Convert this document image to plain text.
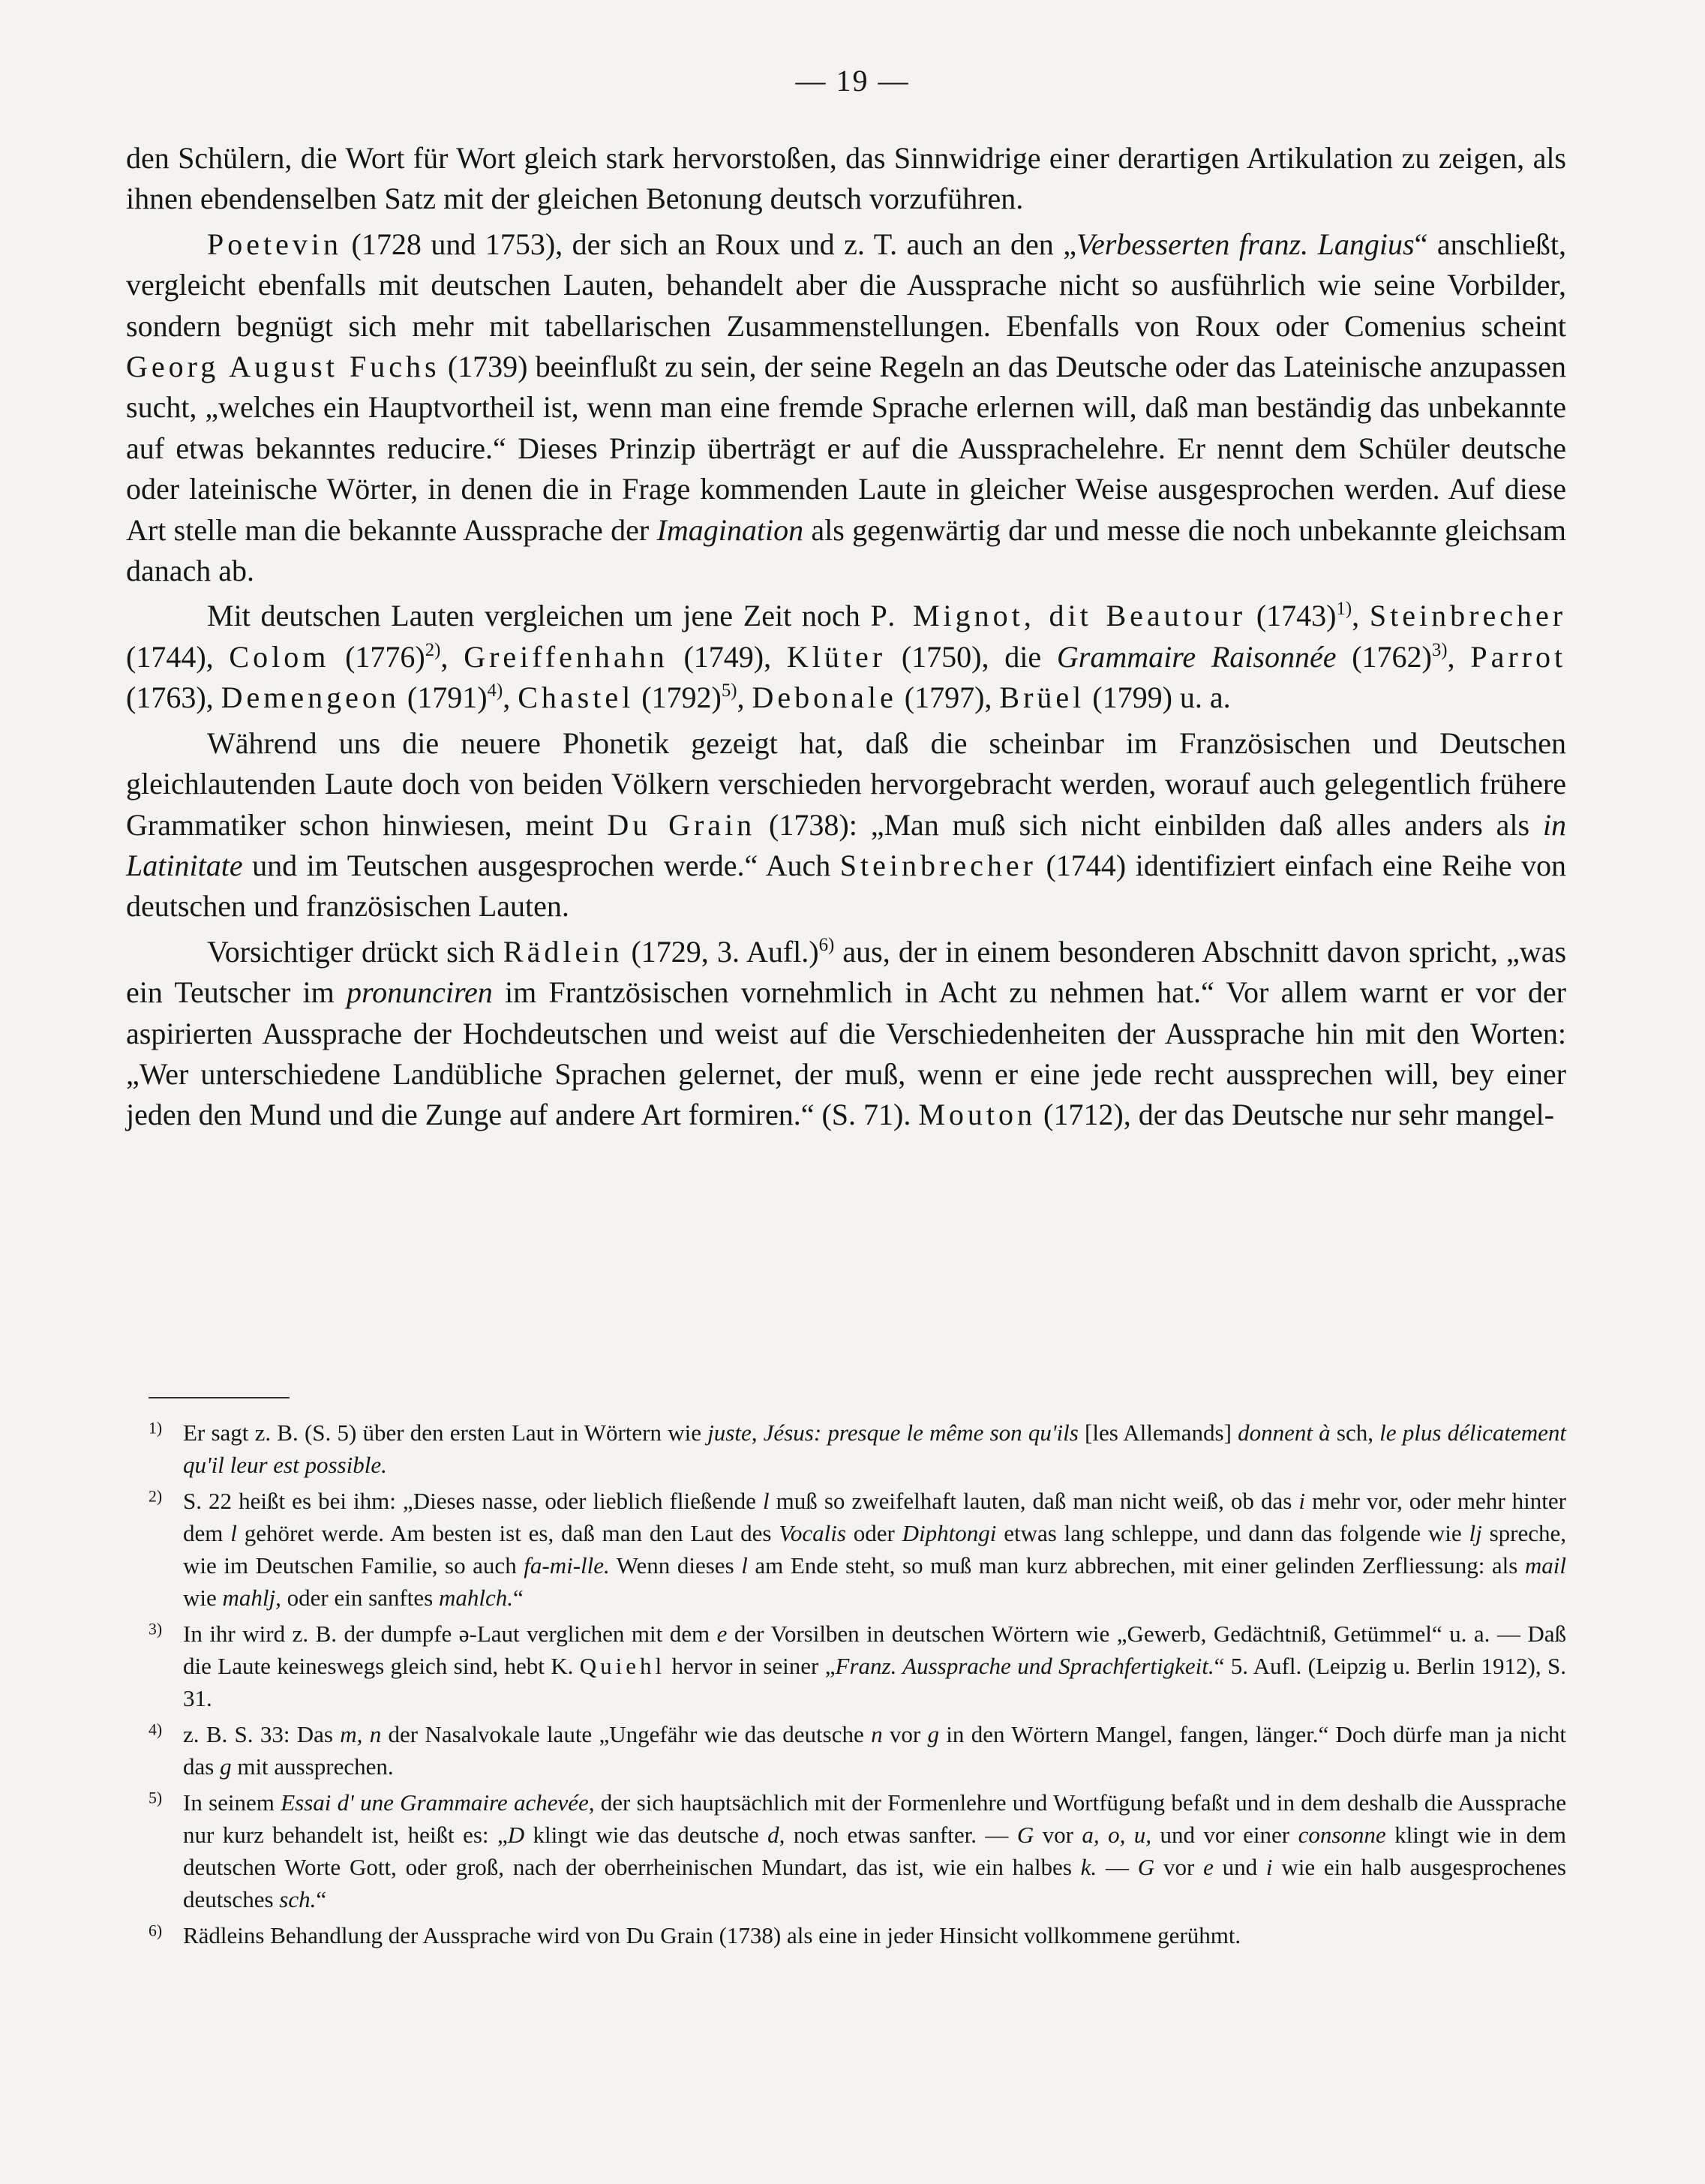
— 19 —

den Schülern, die Wort für Wort gleich stark hervorstoßen, das Sinnwidrige einer derartigen Artikulation zu zeigen, als ihnen ebendenselben Satz mit der gleichen Betonung deutsch vorzuführen.

Poetevin (1728 und 1753), der sich an Roux und z. T. auch an den „Verbesserten franz. Langius“ anschließt, vergleicht ebenfalls mit deutschen Lauten, behandelt aber die Aussprache nicht so ausführlich wie seine Vorbilder, sondern begnügt sich mehr mit tabellarischen Zusammenstellungen. Ebenfalls von Roux oder Comenius scheint Georg August Fuchs (1739) beeinflußt zu sein, der seine Regeln an das Deutsche oder das Lateinische anzupassen sucht, „welches ein Hauptvortheil ist, wenn man eine fremde Sprache erlernen will, daß man beständig das unbekannte auf etwas bekanntes reducire.“ Dieses Prinzip überträgt er auf die Aussprachelehre. Er nennt dem Schüler deutsche oder lateinische Wörter, in denen die in Frage kommenden Laute in gleicher Weise ausgesprochen werden. Auf diese Art stelle man die bekannte Aussprache der Imagination als gegenwärtig dar und messe die noch unbekannte gleichsam danach ab.

Mit deutschen Lauten vergleichen um jene Zeit noch P. Mignot, dit Beautour $(1743)^{1)}$, Steinbrecher (1744), Colom $(1776)^{2)}$, Greiffenhahn (1749), Klüter (1750), die Grammaire Raisonnée $(1762)^{3)}$, Parrot (1763), Demengeon $(1791)^{4)}$, Chastel $(1792)^{5)}$, Debonale (1797), Brüel (1799) u. a.

Während uns die neuere Phonetik gezeigt hat, daß die scheinbar im Französischen und Deutschen gleichlautenden Laute doch von beiden Völkern verschieden hervorgebracht werden, worauf auch gelegentlich frühere Grammatiker schon hinwiesen, meint Du Grain (1738): „Man muß sich nicht einbilden daß alles anders als in Latinitate und im Teutschen ausgesprochen werde.“ Auch Steinbrecher (1744) identifiziert einfach eine Reihe von deutschen und französischen Lauten.

Vorsichtiger drückt sich Rädlein (1729, 3. Aufl.)$^{6)}$ aus, der in einem besonderen Abschnitt davon spricht, „was ein Teutscher im pronunciren im Frantzösischen vornehmlich in Acht zu nehmen hat.“ Vor allem warnt er vor der aspirierten Aussprache der Hochdeutschen und weist auf die Verschiedenheiten der Aussprache hin mit den Worten: „Wer unterschiedene Landübliche Sprachen gelernet, der muß, wenn er eine jede recht aussprechen will, bey einer jeden den Mund und die Zunge auf andere Art formiren.“ (S. 71). Mouton (1712), der das Deutsche nur sehr mangel-

$^{1)}$ Er sagt z. B. (S. 5) über den ersten Laut in Wörtern wie juste, Jésus: presque le même son qu'ils [les Allemands] donnent à sch, le plus délicatement qu'il leur est possible.
$^{2)}$ S. 22 heißt es bei ihm: „Dieses nasse, oder lieblich fließende l muß so zweifelhaft lauten, daß man nicht weiß, ob das i mehr vor, oder mehr hinter dem l gehöret werde. Am besten ist es, daß man den Laut des Vocalis oder Diphtongi etwas lang schleppe, und dann das folgende wie lj spreche, wie im Deutschen Familie, so auch fa-mi-lle. Wenn dieses l am Ende steht, so muß man kurz abbrechen, mit einer gelinden Zerfliessung: als mail wie mahlj, oder ein sanftes mahlch.“
$^{3)}$ In ihr wird z. B. der dumpfe ə-Laut verglichen mit dem e der Vorsilben in deutschen Wörtern wie „Gewerb, Gedächtniß, Getümmel“ u. a. — Daß die Laute keineswegs gleich sind, hebt K. Quiehl hervor in seiner „Franz. Aussprache und Sprachfertigkeit.“ 5. Aufl. (Leipzig u. Berlin 1912), S. 31.
$^{4)}$ z. B. S. 33: Das m, n der Nasalvokale laute „Ungefähr wie das deutsche n vor g in den Wörtern Mangel, fangen, länger.“ Doch dürfe man ja nicht das g mit aussprechen.
$^{5)}$ In seinem Essai d' une Grammaire achevée, der sich hauptsächlich mit der Formenlehre und Wortfügung befaßt und in dem deshalb die Aussprache nur kurz behandelt ist, heißt es: „D klingt wie das deutsche d, noch etwas sanfter. — G vor a, o, u, und vor einer consonne klingt wie in dem deutschen Worte Gott, oder groß, nach der oberrheinischen Mundart, das ist, wie ein halbes k. — G vor e und i wie ein halb ausgesprochenes deutsches sch.“
$^{6)}$ Rädleins Behandlung der Aussprache wird von Du Grain (1738) als eine in jeder Hinsicht vollkommene gerühmt.
